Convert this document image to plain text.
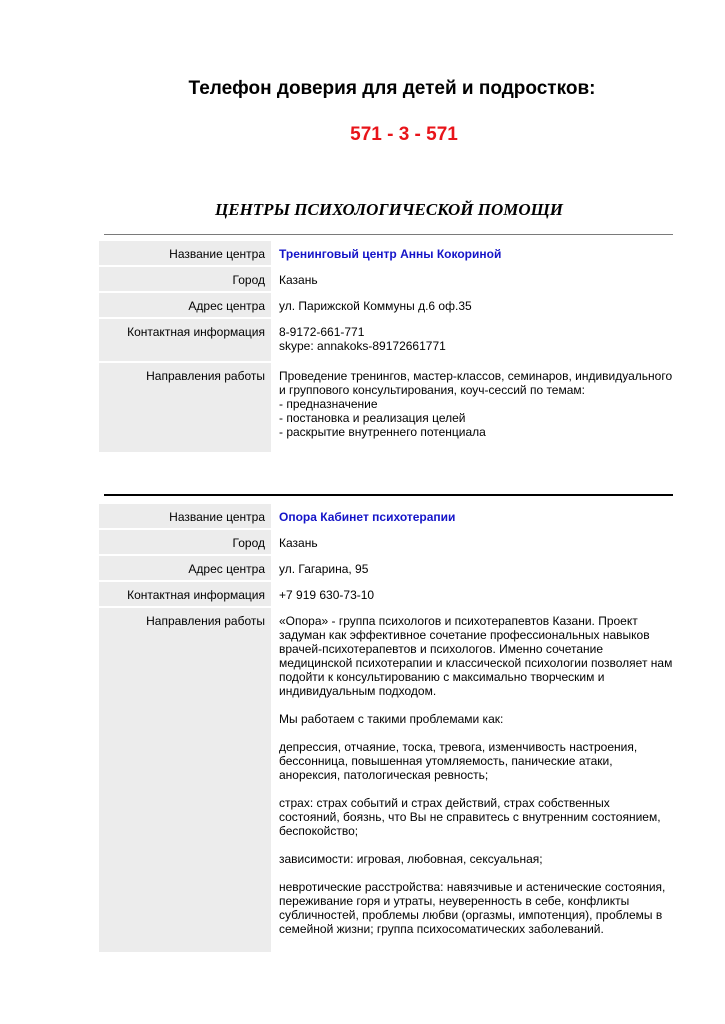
Телефон доверия для детей и подростков:
571 - 3 - 571
ЦЕНТРЫ ПСИХОЛОГИЧЕСКОЙ ПОМОЩИ
Название центра	Тренинговый центр Анны Кокориной
Город	Казань
Адрес центра	ул. Парижской Коммуны д.6 оф.35
Контактная информация	8-9172-661-771
skype: annakoks-89172661771
Направления работы	Проведение тренингов, мастер-классов, семинаров, индивидуального и группового консультирования, коуч-сессий по темам:
- предназначение
- постановка и реализация целей
- раскрытие внутреннего потенциала
Название центра	Опора Кабинет психотерапии
Город	Казань
Адрес центра	ул. Гагарина, 95
Контактная информация	+7 919 630-73-10
Направления работы	«Опора» - группа психологов и психотерапевтов Казани. Проект задуман как эффективное сочетание профессиональных навыков врачей-психотерапевтов и психологов. Именно сочетание медицинской психотерапии и классической психологии позволяет нам подойти к консультированию с максимально творческим и индивидуальным подходом.

Мы работаем с такими проблемами как:

депрессия, отчаяние, тоска, тревога, изменчивость настроения, бессонница, повышенная утомляемость, панические атаки, анорексия, патологическая ревность;

страх: страх событий и страх действий, страх собственных состояний, боязнь, что Вы не справитесь с внутренним состоянием, беспокойство;

зависимости: игровая, любовная, сексуальная;

невротические расстройства: навязчивые и астенические состояния, переживание горя и утраты, неуверенность в себе, конфликты субличностей, проблемы любви (оргазмы, импотенция), проблемы в семейной жизни; группа психосоматических заболеваний.
